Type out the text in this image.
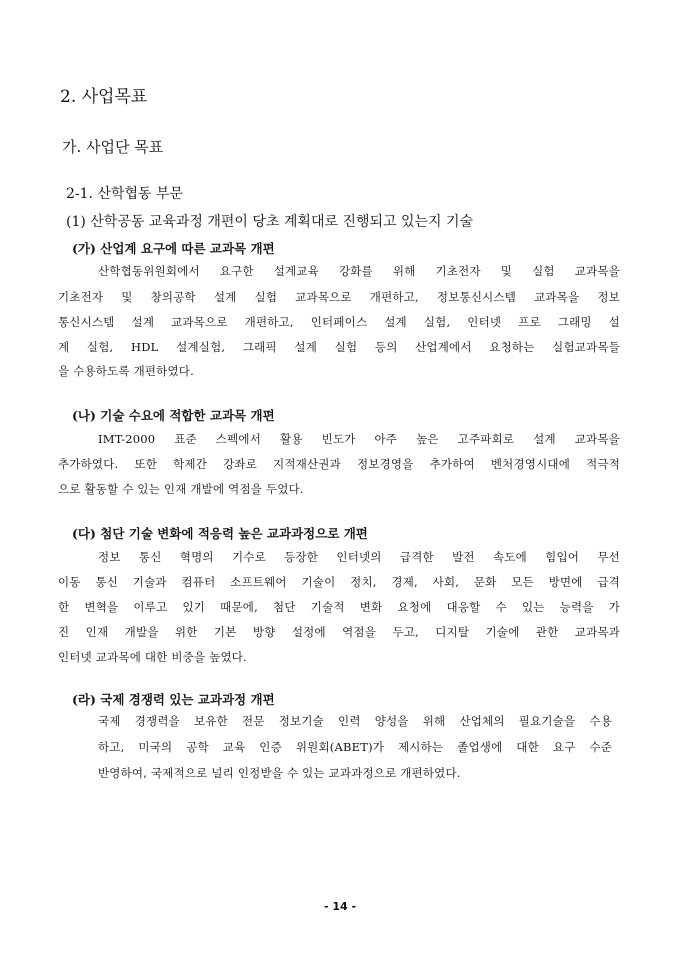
2. 사업목표
가. 사업단 목표
2-1. 산학협동 부문
(1) 산학공동 교육과정 개편이 당초 계획대로 진행되고 있는지 기술
(가) 산업계 요구에 따른 교과목 개편
산학협동위원회에서 요구한 설계교육 강화를 위해 기초전자 및 실험 교과목을
기초전자 및 창의공학 설계 실험 교과목으로 개편하고, 정보통신시스템 교과목을 정보
통신시스템 설계 교과목으로 개편하고, 인터페이스 설계 실험, 인터넷 프로 그래밍 설
계 실험, HDL 설계실험, 그래픽 설계 실험 등의 산업계에서 요청하는 실험교과목들
을 수용하도록 개편하였다.
(나) 기술 수요에 적합한 교과목 개편
IMT-2000 표준 스펙에서 활용 빈도가 아주 높은 고주파회로 설계 교과목을
추가하였다. 또한 학제간 강좌로 지적재산권과 정보경영을 추가하여 벤처경영시대에 적극적
으로 활동할 수 있는 인재 개발에 역점을 두었다.
(다) 첨단 기술 변화에 적응력 높은 교과과정으로 개편
정보 통신 혁명의 기수로 등장한 인터넷의 급격한 발전 속도에 힘입어 무선
이동 통신 기술과 컴퓨터 소프트웨어 기술이 정치, 경제, 사회, 문화 모든 방면에 급격
한 변혁을 이루고 있기 때문에, 첨단 기술적 변화 요청에 대응할 수 있는 능력을 가
진 인재 개발을 위한 기본 방향 설정에 역점을 두고, 디지탈 기술에 관한 교과목과
인터넷 교과목에 대한 비중을 높였다.
(라) 국제 경쟁력 있는 교과과정 개편
국제 경쟁력을 보유한 전문 정보기술 인력 양성을 위해 산업체의 필요기술을 수용
하고, 미국의 공학 교육 인증 위원회(ABET)가 제시하는 졸업생에 대한 요구 수준
반영하여, 국제적으로 널리 인정받을 수 있는 교과과정으로 개편하였다.
- 14 -
